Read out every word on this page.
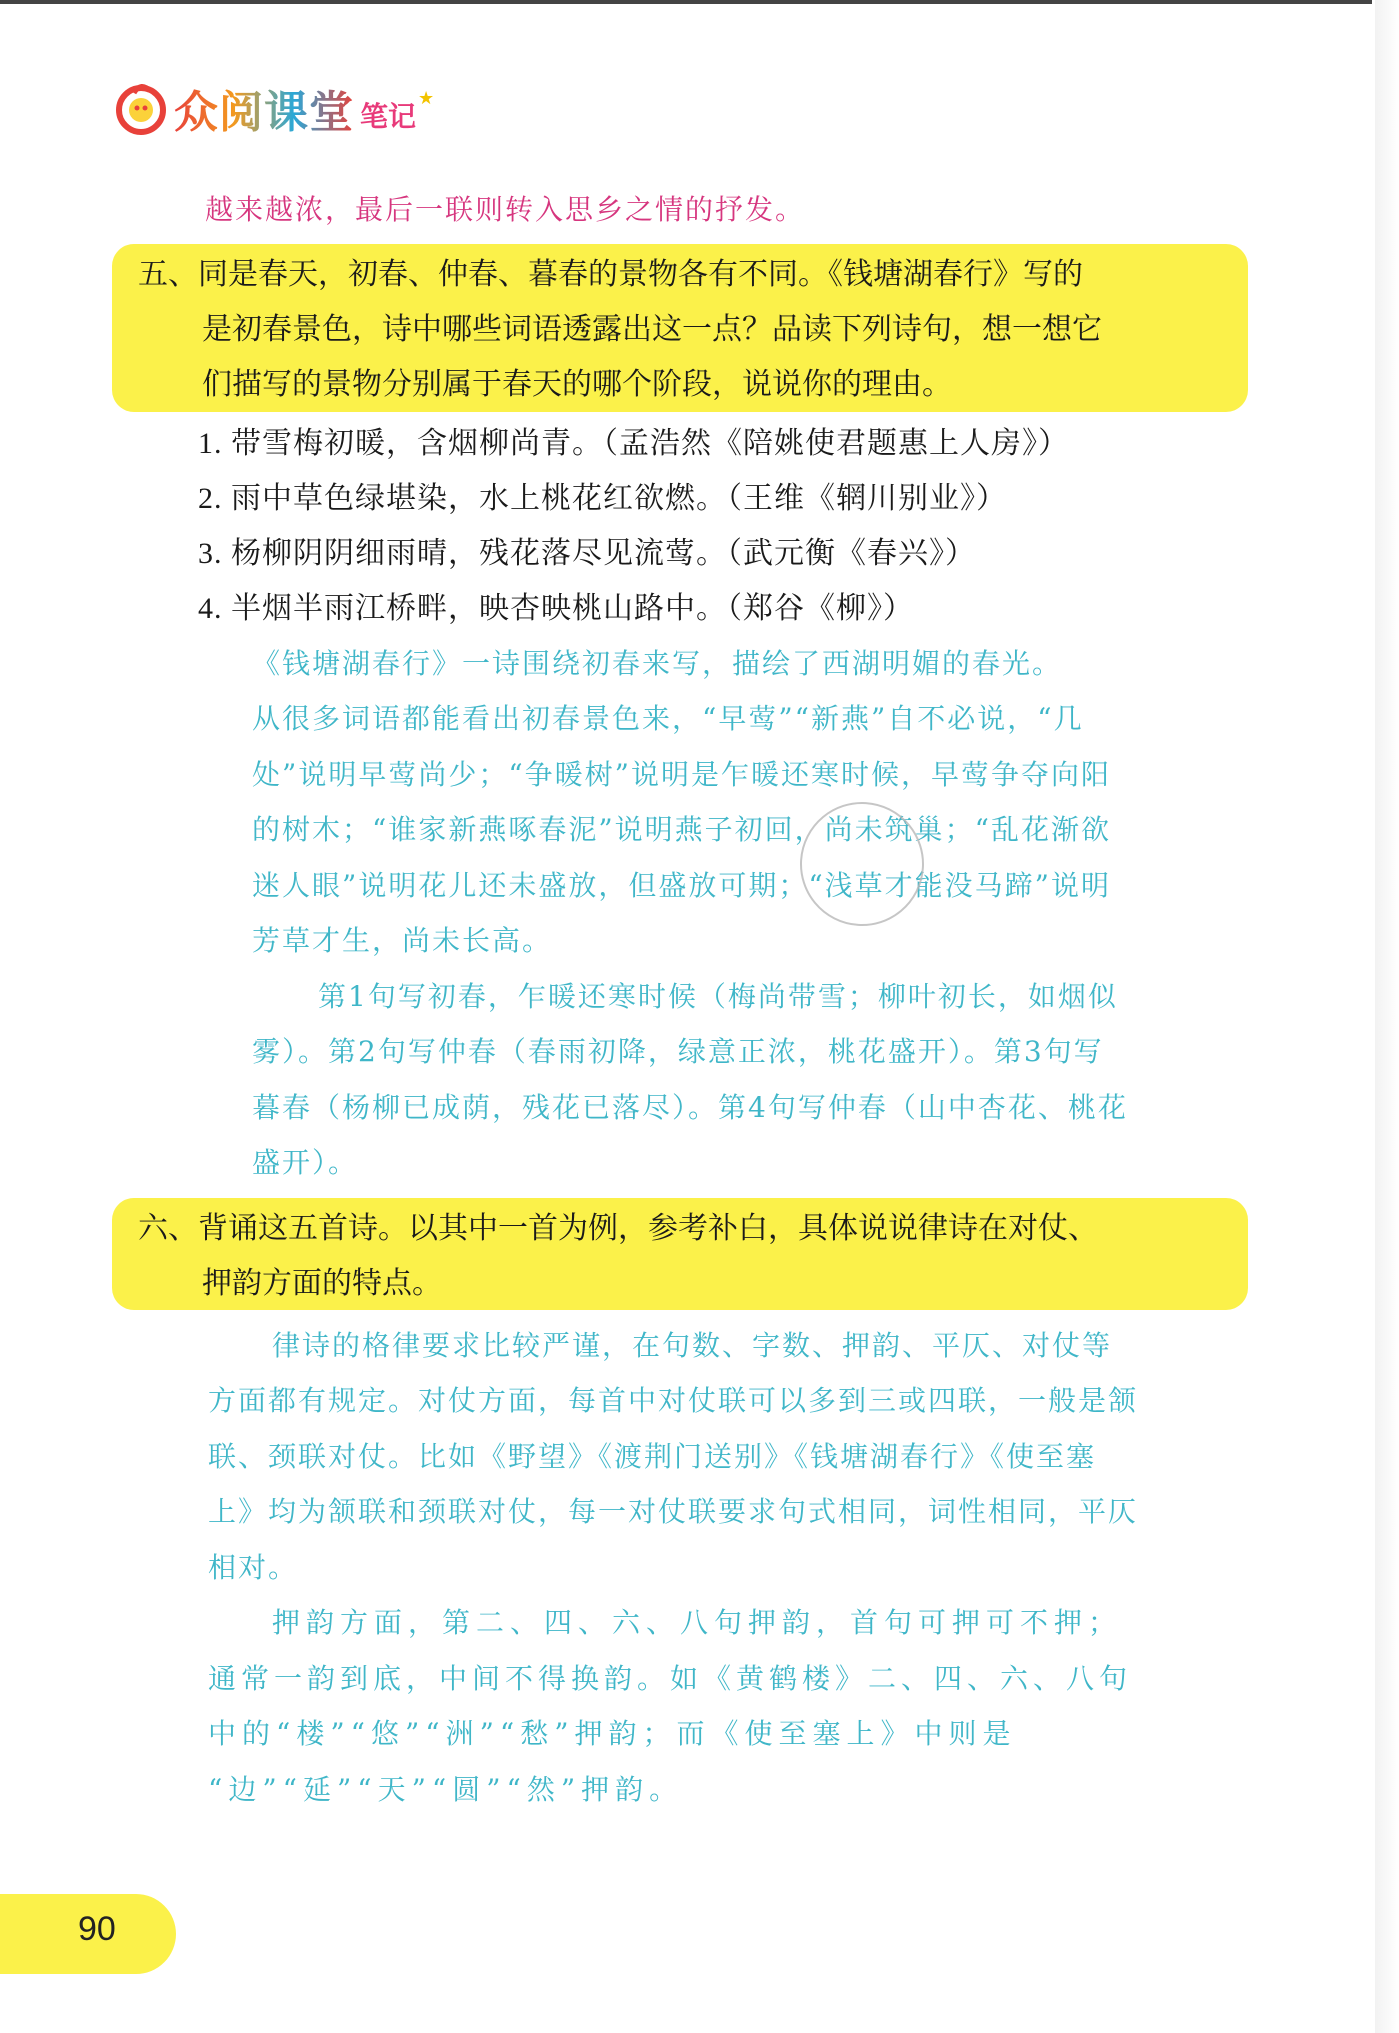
众阅课堂 笔记
★
越来越浓，最后一联则转入思乡之情的抒发。
五、同是春天，初春、仲春、暮春的景物各有不同。《钱塘湖春行》写的
是初春景色，诗中哪些词语透露出这一点？品读下列诗句，想一想它
们描写的景物分别属于春天的哪个阶段，说说你的理由。
1. 带雪梅初暖，含烟柳尚青。（孟浩然《陪姚使君题惠上人房》）
2. 雨中草色绿堪染，水上桃花红欲燃。（王维《辋川别业》）
3. 杨柳阴阴细雨晴，残花落尽见流莺。（武元衡《春兴》）
4. 半烟半雨江桥畔，映杏映桃山路中。（郑谷《柳》）
《钱塘湖春行》一诗围绕初春来写，描绘了西湖明媚的春光。
从很多词语都能看出初春景色来，“早莺”“新燕”自不必说，“几
处”说明早莺尚少；“争暖树”说明是乍暖还寒时候，早莺争夺向阳
的树木；“谁家新燕啄春泥”说明燕子初回，尚未筑巢；“乱花渐欲
迷人眼”说明花儿还未盛放，但盛放可期；“浅草才能没马蹄”说明
芳草才生，尚未长高。
第1句写初春，乍暖还寒时候（梅尚带雪；柳叶初长，如烟似
雾）。第2句写仲春（春雨初降，绿意正浓，桃花盛开）。第3句写
暮春（杨柳已成荫，残花已落尽）。第4句写仲春（山中杏花、桃花
盛开）。
六、背诵这五首诗。以其中一首为例，参考补白，具体说说律诗在对仗、
押韵方面的特点。
律诗的格律要求比较严谨，在句数、字数、押韵、平仄、对仗等
方面都有规定。对仗方面，每首中对仗联可以多到三或四联，一般是颔
联、颈联对仗。比如《野望》《渡荆门送别》《钱塘湖春行》《使至塞
上》均为颔联和颈联对仗，每一对仗联要求句式相同，词性相同，平仄
相对。
押韵方面，第二、四、六、八句押韵，首句可押可不押；
通常一韵到底，中间不得换韵。如《黄鹤楼》二、四、六、八句
中的“楼”“悠”“洲”“愁”押韵；而《使至塞上》中则是
“边”“延”“天”“圆”“然”押韵。
90
